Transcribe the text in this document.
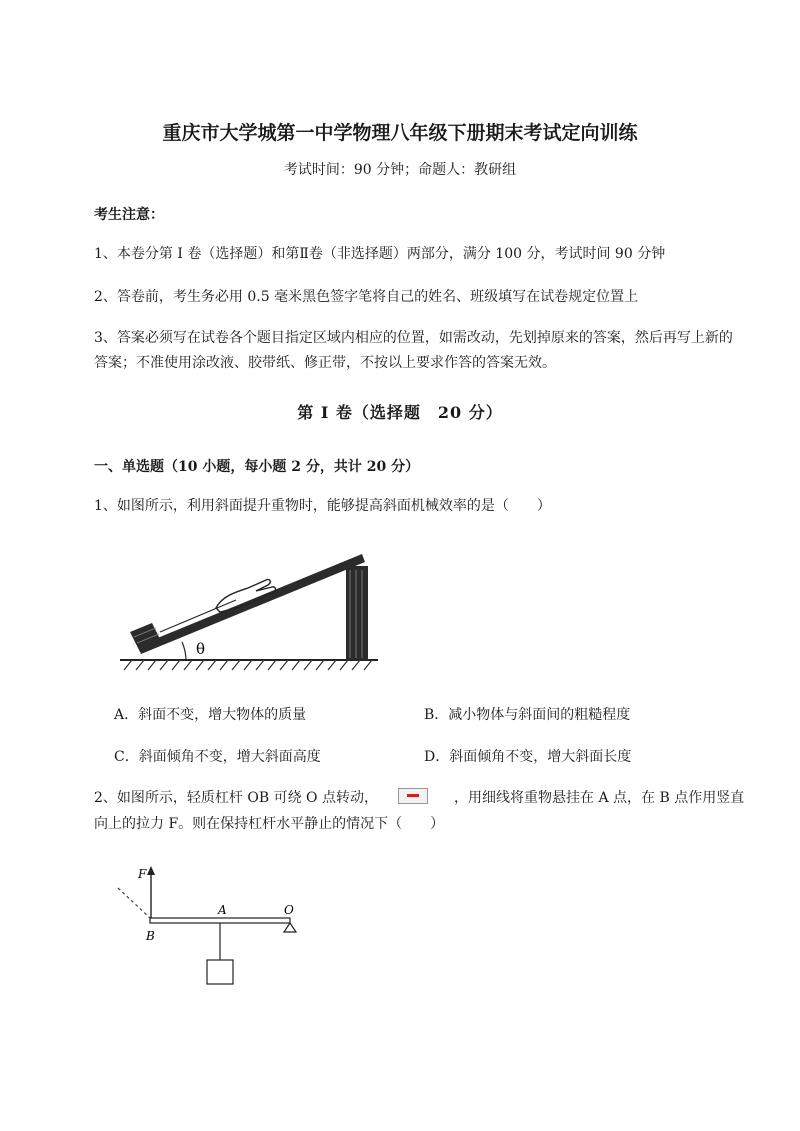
重庆市大学城第一中学物理八年级下册期末考试定向训练
考试时间：90 分钟；命题人：教研组
考生注意：
1、本卷分第 I 卷（选择题）和第Ⅱ卷（非选择题）两部分，满分 100 分，考试时间 90 分钟
2、答卷前，考生务必用 0.5 毫米黑色签字笔将自己的姓名、班级填写在试卷规定位置上
3、答案必须写在试卷各个题目指定区域内相应的位置，如需改动，先划掉原来的答案，然后再写上新的答案；不准使用涂改液、胶带纸、修正带，不按以上要求作答的答案无效。
第 I 卷（选择题　20 分）
一、单选题（10 小题，每小题 2 分，共计 20 分）
1、如图所示，利用斜面提升重物时，能够提高斜面机械效率的是（　　）
θ
A．斜面不变，增大物体的质量	B．减小物体与斜面间的粗糙程度
C．斜面倾角不变，增大斜面高度	D．斜面倾角不变，增大斜面长度
2、如图所示，轻质杠杆 OB 可绕 O 点转动，	，用细线将重物悬挂在 A 点，在 B 点作用竖直
向上的拉力 F。则在保持杠杆水平静止的情况下（　　）
F
O
A
B
